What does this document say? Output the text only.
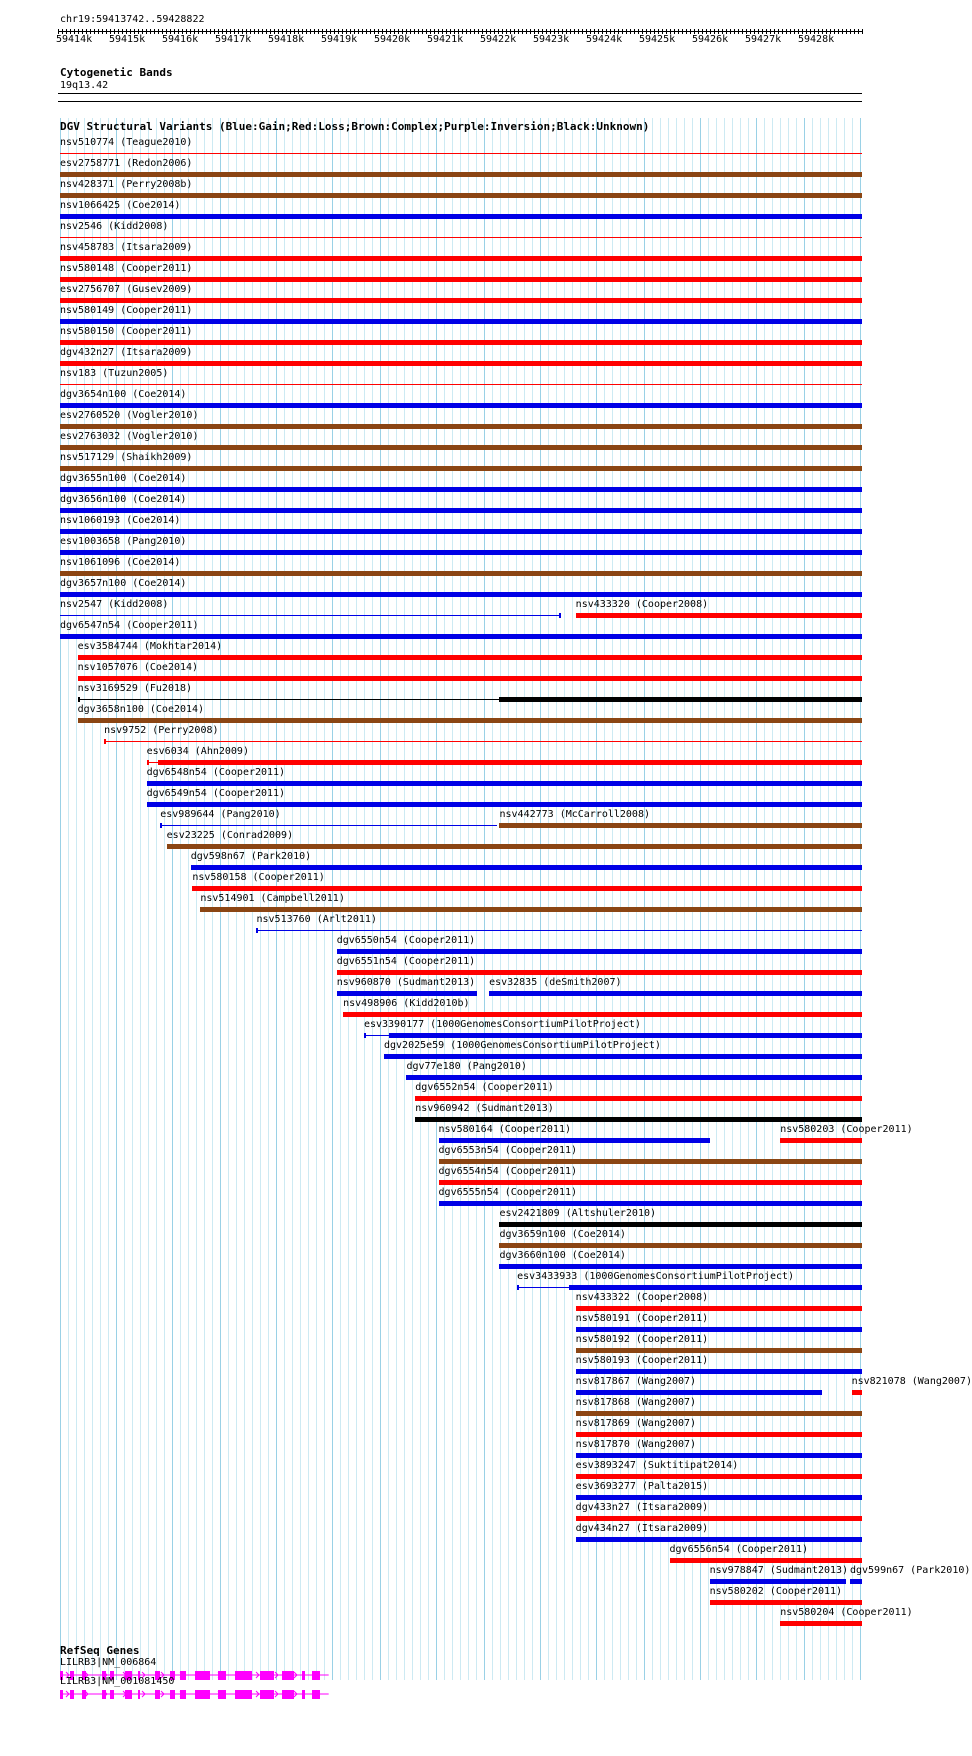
chr19:59413742..59428822
59414k 59415k 59416k 59417k 59418k 59419k 59420k 59421k 59422k 59423k 59424k 59425k 59426k 59427k 59428k
Cytogenetic Bands
19q13.42
DGV Structural Variants (Blue:Gain;Red:Loss;Brown:Complex;Purple:Inversion;Black:Unknown)
nsv510774 (Teague2010)
esv2758771 (Redon2006)
nsv428371 (Perry2008b)
nsv1066425 (Coe2014)
nsv2546 (Kidd2008)
nsv458783 (Itsara2009)
nsv580148 (Cooper2011)
esv2756707 (Gusev2009)
nsv580149 (Cooper2011)
nsv580150 (Cooper2011)
dgv432n27 (Itsara2009)
nsv183 (Tuzun2005)
dgv3654n100 (Coe2014)
esv2760520 (Vogler2010)
esv2763032 (Vogler2010)
nsv517129 (Shaikh2009)
dgv3655n100 (Coe2014)
dgv3656n100 (Coe2014)
nsv1060193 (Coe2014)
esv1003658 (Pang2010)
nsv1061096 (Coe2014)
dgv3657n100 (Coe2014)
nsv2547 (Kidd2008)
dgv6547n54 (Cooper2011)
esv3584744 (Mokhtar2014)
nsv1057076 (Coe2014)
nsv3169529 (Fu2018)
dgv3658n100 (Coe2014)
nsv9752 (Perry2008)
esv6034 (Ahn2009)
dgv6548n54 (Cooper2011)
dgv6549n54 (Cooper2011)
esv989644 (Pang2010)
esv23225 (Conrad2009)
dgv598n67 (Park2010)
nsv580158 (Cooper2011)
nsv514901 (Campbell2011)
nsv513760 (Arlt2011)
dgv6550n54 (Cooper2011)
dgv6551n54 (Cooper2011)
nsv960870 (Sudmant2013)
nsv498906 (Kidd2010b)
esv3390177 (1000GenomesConsortiumPilotProject)
dgv2025e59 (1000GenomesConsortiumPilotProject)
dgv77e180 (Pang2010)
dgv6552n54 (Cooper2011)
nsv960942 (Sudmant2013)
nsv580164 (Cooper2011)
dgv6553n54 (Cooper2011)
dgv6554n54 (Cooper2011)
dgv6555n54 (Cooper2011)
esv2421809 (Altshuler2010)
dgv3659n100 (Coe2014)
dgv3660n100 (Coe2014)
esv3433933 (1000GenomesConsortiumPilotProject)
nsv433322 (Cooper2008)
nsv580191 (Cooper2011)
nsv580192 (Cooper2011)
nsv580193 (Cooper2011)
nsv817867 (Wang2007)
nsv817868 (Wang2007)
nsv817869 (Wang2007)
nsv817870 (Wang2007)
esv3893247 (Suktitipat2014)
esv3693277 (Palta2015)
dgv433n27 (Itsara2009)
dgv434n27 (Itsara2009)
dgv6556n54 (Cooper2011)
nsv978847 (Sudmant2013)
nsv580202 (Cooper2011)
nsv580204 (Cooper2011)
nsv433320 (Cooper2008)
nsv442773 (McCarroll2008)
esv32835 (deSmith2007)
nsv580203 (Cooper2011)
nsv821078 (Wang2007)
dgv599n67 (Park2010)
RefSeq Genes
LILRB3|NM_006864
LILRB3|NM_001081450
